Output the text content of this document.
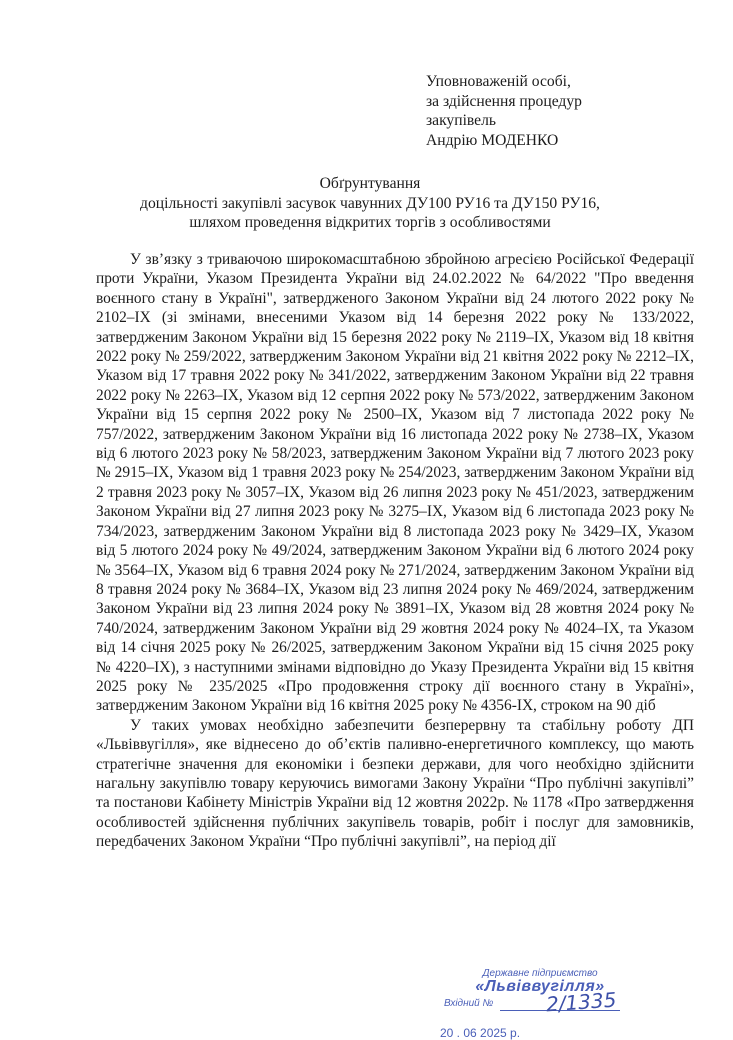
Уповноваженій особі,
за здійснення процедур
закупівель
Андрію МОДЕНКО
Обґрунтування
доцільності закупівлі засувок чавунних ДУ100 РУ16 та ДУ150 РУ16,
шляхом проведення відкритих торгів з особливостями

У зв’язку з триваючою широкомасштабною збройною агресією Російської Федерації проти України, Указом Президента України від 24.02.2022 № 64/2022 "Про введення воєнного стану в Україні", затвердженого Законом України від 24 лютого 2022 року № 2102–IX (зі змінами, внесеними Указом від 14 березня 2022 року № 133/2022, затвердженим Законом України від 15 березня 2022 року № 2119–IX, Указом від 18 квітня 2022 року № 259/2022, затвердженим Законом України від 21 квітня 2022 року № 2212–IX, Указом від 17 травня 2022 року № 341/2022, затвердженим Законом України від 22 травня 2022 року № 2263–IX, Указом від 12 серпня 2022 року № 573/2022, затвердженим Законом України від 15 серпня 2022 року № 2500–IX, Указом від 7 листопада 2022 року № 757/2022, затвердженим Законом України від 16 листопада 2022 року № 2738–IX, Указом від 6 лютого 2023 року № 58/2023, затвердженим Законом України від 7 лютого 2023 року № 2915–IX, Указом від 1 травня 2023 року № 254/2023, затвердженим Законом України від 2 травня 2023 року № 3057–IX, Указом від 26 липня 2023 року № 451/2023, затвердженим Законом України від 27 липня 2023 року № 3275–IX, Указом від 6 листопада 2023 року № 734/2023, затвердженим Законом України від 8 листопада 2023 року № 3429–IX, Указом від 5 лютого 2024 року № 49/2024, затвердженим Законом України від 6 лютого 2024 року № 3564–IX, Указом від 6 травня 2024 року № 271/2024, затвердженим Законом України від 8 травня 2024 року № 3684–IX, Указом від 23 липня 2024 року № 469/2024, затвердженим Законом України від 23 липня 2024 року № 3891–IX, Указом від 28 жовтня 2024 року № 740/2024, затвердженим Законом України від 29 жовтня 2024 року № 4024–IX, та Указом від 14 січня 2025 року № 26/2025, затвердженим Законом України від 15 січня 2025 року № 4220–IX), з наступними змінами відповідно до Указу Президента України від 15 квітня 2025 року № 235/2025 «Про продовження строку дії воєнного стану в Україні», затвердженим Законом України від 16 квітня 2025 року № 4356-IX, строком на 90 діб

У таких умовах необхідно забезпечити безперервну та стабільну роботу ДП «Львіввугілля», яке віднесено до об’єктів паливно-енергетичного комплексу, що мають стратегічне значення для економіки і безпеки держави, для чого необхідно здійснити нагальну закупівлю товару керуючись вимогами Закону України “Про публічні закупівлі” та постанови Кабінету Міністрів України від 12 жовтня 2022р. № 1178 «Про затвердження особливостей здійснення публічних закупівель товарів, робіт і послуг для замовників, передбачених Законом України “Про публічні закупівлі”, на період дії

Державне підприємство
«Львіввугілля»
Вхідний №	2/1335
20 . 06 2025 р.
